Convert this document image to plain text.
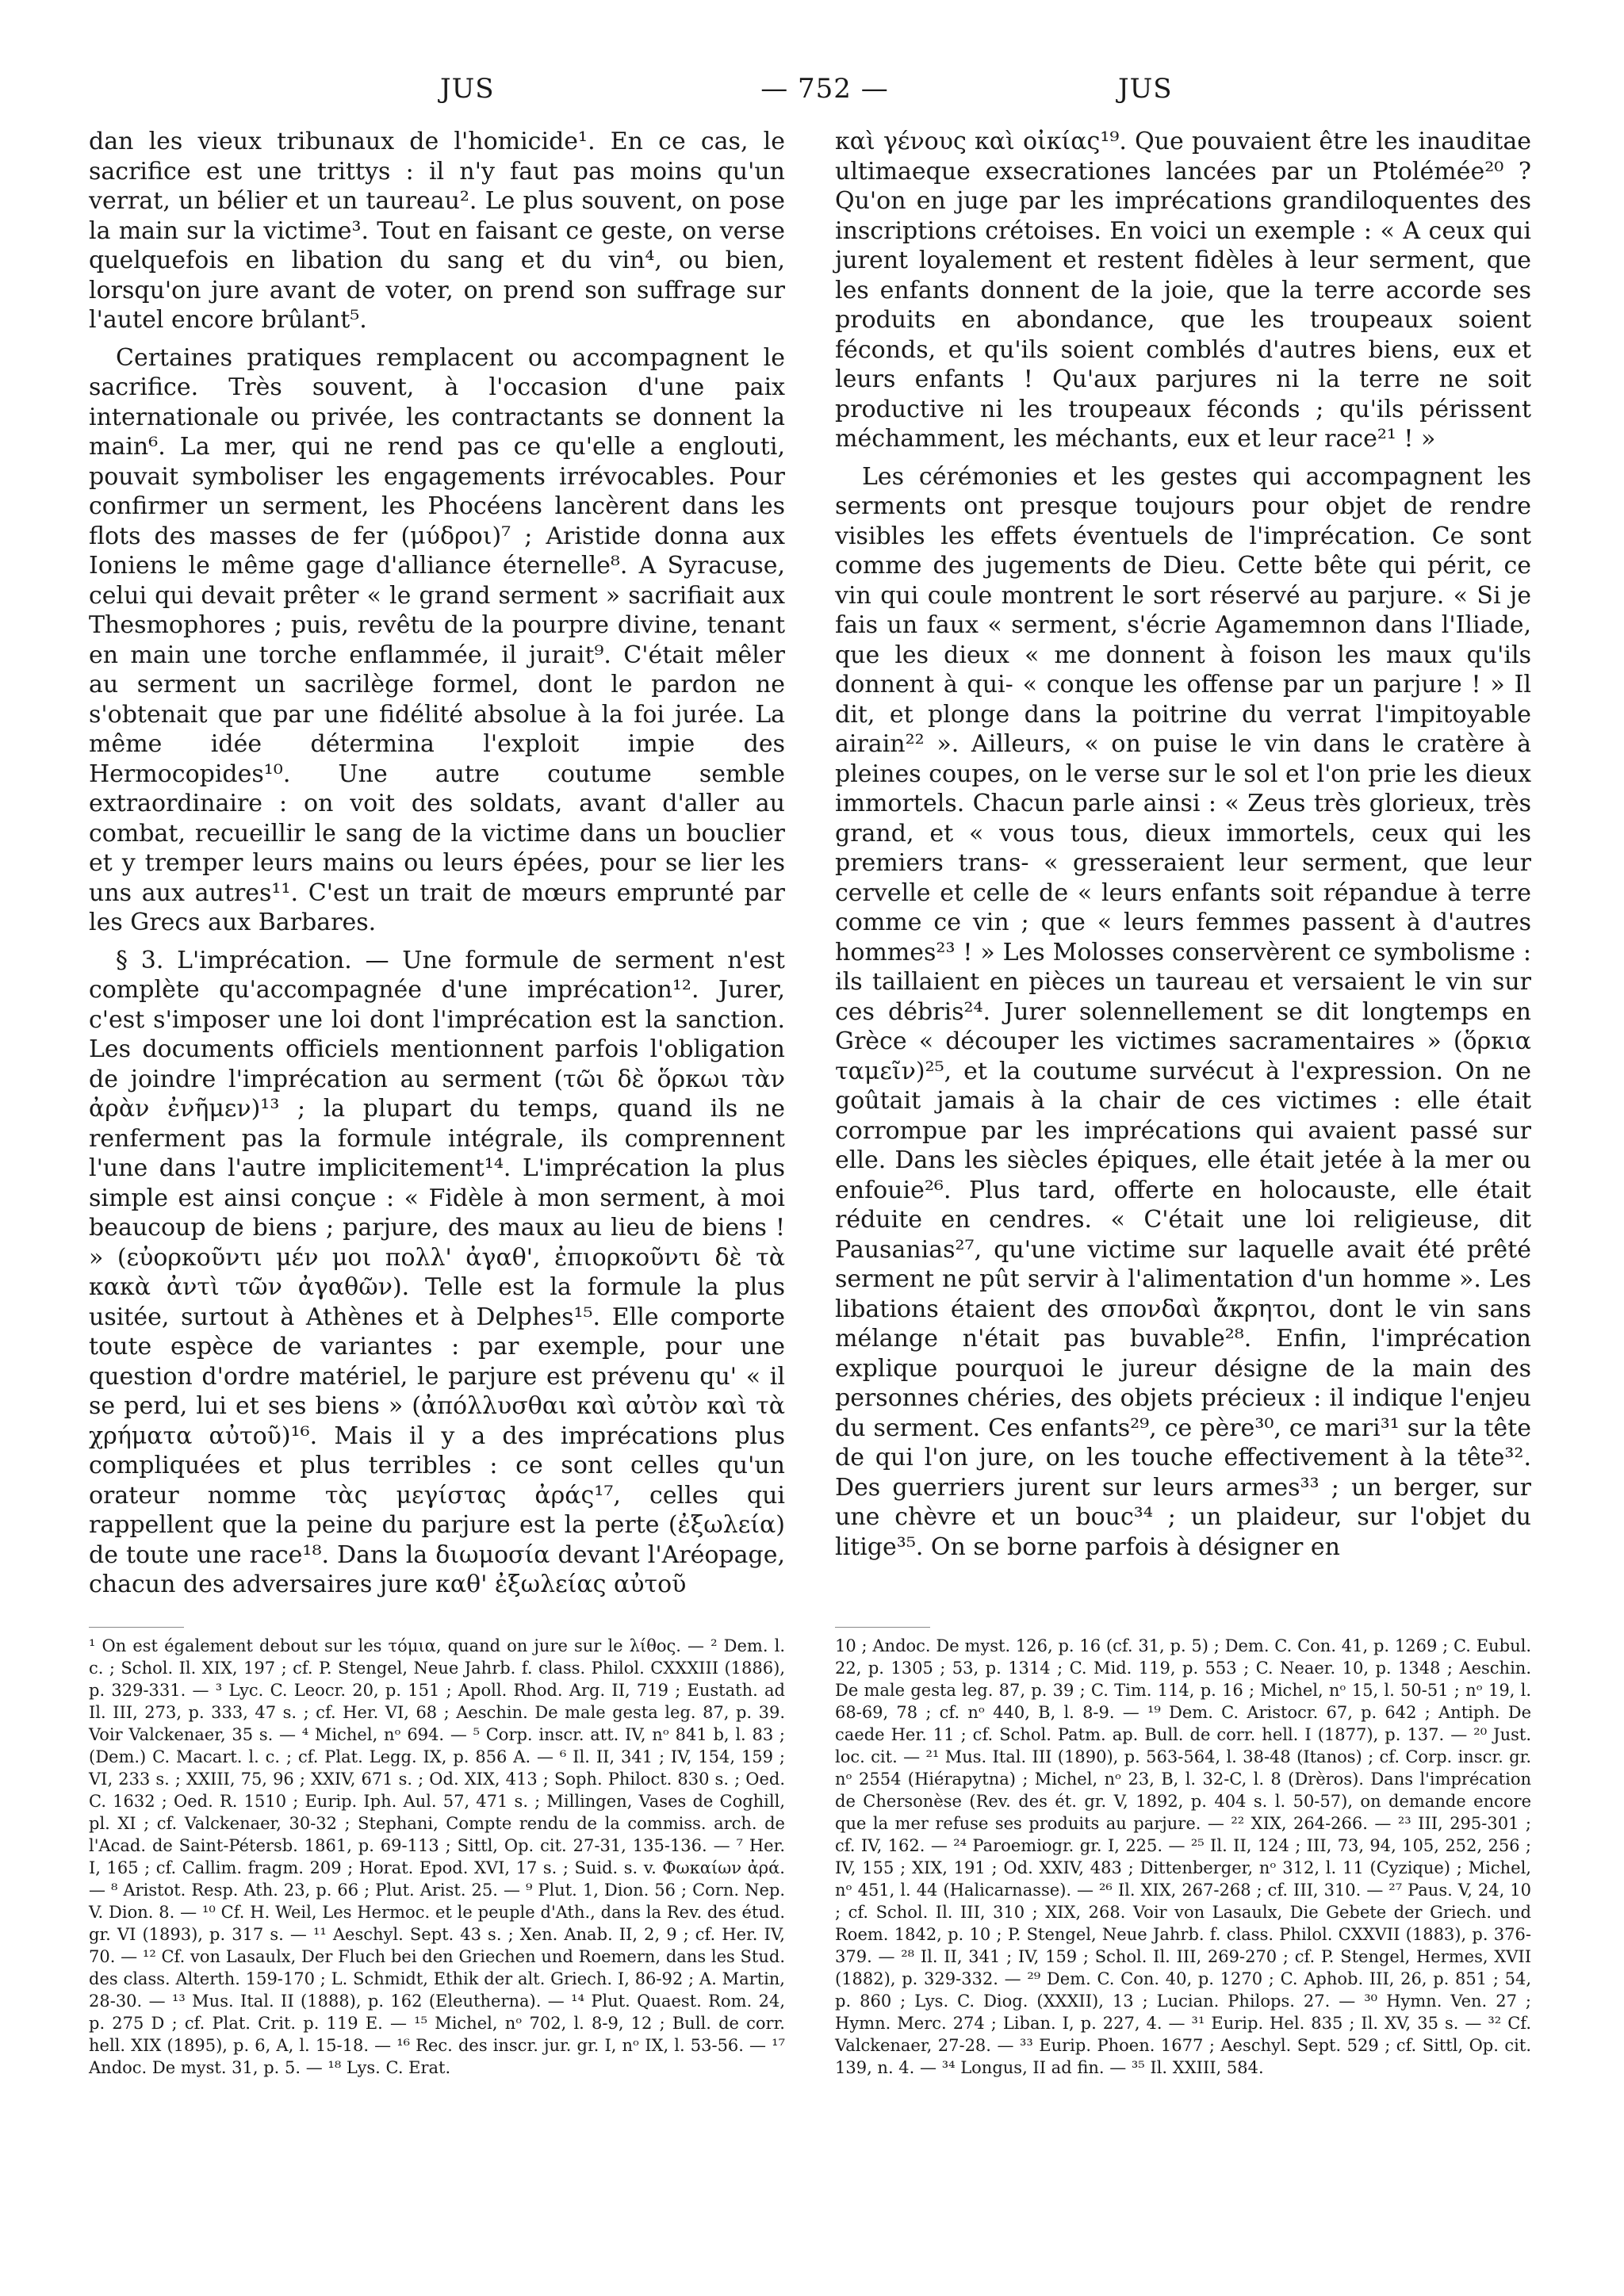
JUS	— 752 —	JUS

dan les vieux tribunaux de l'homicide¹. En ce cas, le sacrifice est une trittys : il n'y faut pas moins qu'un verrat, un bélier et un taureau². Le plus souvent, on pose la main sur la victime³. Tout en faisant ce geste, on verse quelquefois en libation du sang et du vin⁴, ou bien, lorsqu'on jure avant de voter, on prend son suffrage sur l'autel encore brûlant⁵.

Certaines pratiques remplacent ou accompagnent le sacrifice. Très souvent, à l'occasion d'une paix internationale ou privée, les contractants se donnent la main⁶. La mer, qui ne rend pas ce qu'elle a englouti, pouvait symboliser les engagements irrévocables. Pour confirmer un serment, les Phocéens lancèrent dans les flots des masses de fer (μύδροι)⁷ ; Aristide donna aux Ioniens le même gage d'alliance éternelle⁸. A Syracuse, celui qui devait prêter « le grand serment » sacrifiait aux Thesmophores ; puis, revêtu de la pourpre divine, tenant en main une torche enflammée, il jurait⁹. C'était mêler au serment un sacrilège formel, dont le pardon ne s'obtenait que par une fidélité absolue à la foi jurée. La même idée détermina l'exploit impie des Hermocopides¹⁰. Une autre coutume semble extraordinaire : on voit des soldats, avant d'aller au combat, recueillir le sang de la victime dans un bouclier et y tremper leurs mains ou leurs épées, pour se lier les uns aux autres¹¹. C'est un trait de mœurs emprunté par les Grecs aux Barbares.

§ 3. L'imprécation. — Une formule de serment n'est complète qu'accompagnée d'une imprécation¹². Jurer, c'est s'imposer une loi dont l'imprécation est la sanction. Les documents officiels mentionnent parfois l'obligation de joindre l'imprécation au serment (τῶι δὲ ὅρκωι τὰν ἀρὰν ἐνῆμεν)¹³ ; la plupart du temps, quand ils ne renferment pas la formule intégrale, ils comprennent l'une dans l'autre implicitement¹⁴. L'imprécation la plus simple est ainsi conçue : « Fidèle à mon serment, à moi beaucoup de biens ; parjure, des maux au lieu de biens ! » (εὐορκοῦντι μέν μοι πολλ' ἀγαθ', ἐπιορκοῦντι δὲ τὰ κακὰ ἀντὶ τῶν ἀγαθῶν). Telle est la formule la plus usitée, surtout à Athènes et à Delphes¹⁵. Elle comporte toute espèce de variantes : par exemple, pour une question d'ordre matériel, le parjure est prévenu qu' « il se perd, lui et ses biens » (ἀπόλλυσθαι καὶ αὐτὸν καὶ τὰ χρήματα αὐτοῦ)¹⁶. Mais il y a des imprécations plus compliquées et plus terribles : ce sont celles qu'un orateur nomme τὰς μεγίστας ἀράς¹⁷, celles qui rappellent que la peine du parjure est la perte (ἐξωλεία) de toute une race¹⁸. Dans la διωμοσία devant l'Aréopage, chacun des adversaires jure καθ' ἐξωλείας αὐτοῦ

καὶ γένους καὶ οἰκίας¹⁹. Que pouvaient être les inauditae ultimaeque exsecrationes lancées par un Ptolémée²⁰ ? Qu'on en juge par les imprécations grandiloquentes des inscriptions crétoises. En voici un exemple : « A ceux qui jurent loyalement et restent fidèles à leur serment, que les enfants donnent de la joie, que la terre accorde ses produits en abondance, que les troupeaux soient féconds, et qu'ils soient comblés d'autres biens, eux et leurs enfants ! Qu'aux parjures ni la terre ne soit productive ni les troupeaux féconds ; qu'ils périssent méchamment, les méchants, eux et leur race²¹ ! »

Les cérémonies et les gestes qui accompagnent les serments ont presque toujours pour objet de rendre visibles les effets éventuels de l'imprécation. Ce sont comme des jugements de Dieu. Cette bête qui périt, ce vin qui coule montrent le sort réservé au parjure. « Si je fais un faux « serment, s'écrie Agamemnon dans l'Iliade, que les dieux « me donnent à foison les maux qu'ils donnent à qui- « conque les offense par un parjure ! » Il dit, et plonge dans la poitrine du verrat l'impitoyable airain²² ». Ailleurs, « on puise le vin dans le cratère à pleines coupes, on le verse sur le sol et l'on prie les dieux immortels. Chacun parle ainsi : « Zeus très glorieux, très grand, et « vous tous, dieux immortels, ceux qui les premiers trans- « gresseraient leur serment, que leur cervelle et celle de « leurs enfants soit répandue à terre comme ce vin ; que « leurs femmes passent à d'autres hommes²³ ! » Les Molosses conservèrent ce symbolisme : ils taillaient en pièces un taureau et versaient le vin sur ces débris²⁴. Jurer solennellement se dit longtemps en Grèce « découper les victimes sacramentaires » (ὅρκια ταμεῖν)²⁵, et la coutume survécut à l'expression. On ne goûtait jamais à la chair de ces victimes : elle était corrompue par les imprécations qui avaient passé sur elle. Dans les siècles épiques, elle était jetée à la mer ou enfouie²⁶. Plus tard, offerte en holocauste, elle était réduite en cendres. « C'était une loi religieuse, dit Pausanias²⁷, qu'une victime sur laquelle avait été prêté serment ne pût servir à l'alimentation d'un homme ». Les libations étaient des σπονδαὶ ἄκρητοι, dont le vin sans mélange n'était pas buvable²⁸. Enfin, l'imprécation explique pourquoi le jureur désigne de la main des personnes chéries, des objets précieux : il indique l'enjeu du serment. Ces enfants²⁹, ce père³⁰, ce mari³¹ sur la tête de qui l'on jure, on les touche effectivement à la tête³². Des guerriers jurent sur leurs armes³³ ; un berger, sur une chèvre et un bouc³⁴ ; un plaideur, sur l'objet du litige³⁵. On se borne parfois à désigner en

¹ On est également debout sur les τόμια, quand on jure sur le λίθος. — ² Dem. l. c. ; Schol. Il. XIX, 197 ; cf. P. Stengel, Neue Jahrb. f. class. Philol. CXXXIII (1886), p. 329-331. — ³ Lyc. C. Leocr. 20, p. 151 ; Apoll. Rhod. Arg. II, 719 ; Eustath. ad Il. III, 273, p. 333, 47 s. ; cf. Her. VI, 68 ; Aeschin. De male gesta leg. 87, p. 39. Voir Valckenaer, 35 s. — ⁴ Michel, nᵒ 694. — ⁵ Corp. inscr. att. IV, nᵒ 841 b, l. 83 ; (Dem.) C. Macart. l. c. ; cf. Plat. Legg. IX, p. 856 A. — ⁶ Il. II, 341 ; IV, 154, 159 ; VI, 233 s. ; XXIII, 75, 96 ; XXIV, 671 s. ; Od. XIX, 413 ; Soph. Philoct. 830 s. ; Oed. C. 1632 ; Oed. R. 1510 ; Eurip. Iph. Aul. 57, 471 s. ; Millingen, Vases de Coghill, pl. XI ; cf. Valckenaer, 30-32 ; Stephani, Compte rendu de la commiss. arch. de l'Acad. de Saint-Pétersb. 1861, p. 69-113 ; Sittl, Op. cit. 27-31, 135-136. — ⁷ Her. I, 165 ; cf. Callim. fragm. 209 ; Horat. Epod. XVI, 17 s. ; Suid. s. v. Φωκαίων ἀρά. — ⁸ Aristot. Resp. Ath. 23, p. 66 ; Plut. Arist. 25. — ⁹ Plut. 1, Dion. 56 ; Corn. Nep. V. Dion. 8. — ¹⁰ Cf. H. Weil, Les Hermoc. et le peuple d'Ath., dans la Rev. des étud. gr. VI (1893), p. 317 s. — ¹¹ Aeschyl. Sept. 43 s. ; Xen. Anab. II, 2, 9 ; cf. Her. IV, 70. — ¹² Cf. von Lasaulx, Der Fluch bei den Griechen und Roemern, dans les Stud. des class. Alterth. 159-170 ; L. Schmidt, Ethik der alt. Griech. I, 86-92 ; A. Martin, 28-30. — ¹³ Mus. Ital. II (1888), p. 162 (Eleutherna). — ¹⁴ Plut. Quaest. Rom. 24, p. 275 D ; cf. Plat. Crit. p. 119 E. — ¹⁵ Michel, nᵒ 702, l. 8-9, 12 ; Bull. de corr. hell. XIX (1895), p. 6, A, l. 15-18. — ¹⁶ Rec. des inscr. jur. gr. I, nᵒ IX, l. 53-56. — ¹⁷ Andoc. De myst. 31, p. 5. — ¹⁸ Lys. C. Erat.
10 ; Andoc. De myst. 126, p. 16 (cf. 31, p. 5) ; Dem. C. Con. 41, p. 1269 ; C. Eubul. 22, p. 1305 ; 53, p. 1314 ; C. Mid. 119, p. 553 ; C. Neaer. 10, p. 1348 ; Aeschin. De male gesta leg. 87, p. 39 ; C. Tim. 114, p. 16 ; Michel, nᵒ 15, l. 50-51 ; nᵒ 19, l. 68-69, 78 ; cf. nᵒ 440, B, l. 8-9. — ¹⁹ Dem. C. Aristocr. 67, p. 642 ; Antiph. De caede Her. 11 ; cf. Schol. Patm. ap. Bull. de corr. hell. I (1877), p. 137. — ²⁰ Just. loc. cit. — ²¹ Mus. Ital. III (1890), p. 563-564, l. 38-48 (Itanos) ; cf. Corp. inscr. gr. nᵒ 2554 (Hiérapytna) ; Michel, nᵒ 23, B, l. 32-C, l. 8 (Drèros). Dans l'imprécation de Chersonèse (Rev. des ét. gr. V, 1892, p. 404 s. l. 50-57), on demande encore que la mer refuse ses produits au parjure. — ²² XIX, 264-266. — ²³ III, 295-301 ; cf. IV, 162. — ²⁴ Paroemiogr. gr. I, 225. — ²⁵ Il. II, 124 ; III, 73, 94, 105, 252, 256 ; IV, 155 ; XIX, 191 ; Od. XXIV, 483 ; Dittenberger, nᵒ 312, l. 11 (Cyzique) ; Michel, nᵒ 451, l. 44 (Halicarnasse). — ²⁶ Il. XIX, 267-268 ; cf. III, 310. — ²⁷ Paus. V, 24, 10 ; cf. Schol. Il. III, 310 ; XIX, 268. Voir von Lasaulx, Die Gebete der Griech. und Roem. 1842, p. 10 ; P. Stengel, Neue Jahrb. f. class. Philol. CXXVII (1883), p. 376-379. — ²⁸ Il. II, 341 ; IV, 159 ; Schol. Il. III, 269-270 ; cf. P. Stengel, Hermes, XVII (1882), p. 329-332. — ²⁹ Dem. C. Con. 40, p. 1270 ; C. Aphob. III, 26, p. 851 ; 54, p. 860 ; Lys. C. Diog. (XXXII), 13 ; Lucian. Philops. 27. — ³⁰ Hymn. Ven. 27 ; Hymn. Merc. 274 ; Liban. I, p. 227, 4. — ³¹ Eurip. Hel. 835 ; Il. XV, 35 s. — ³² Cf. Valckenaer, 27-28. — ³³ Eurip. Phoen. 1677 ; Aeschyl. Sept. 529 ; cf. Sittl, Op. cit. 139, n. 4. — ³⁴ Longus, II ad fin. — ³⁵ Il. XXIII, 584.
